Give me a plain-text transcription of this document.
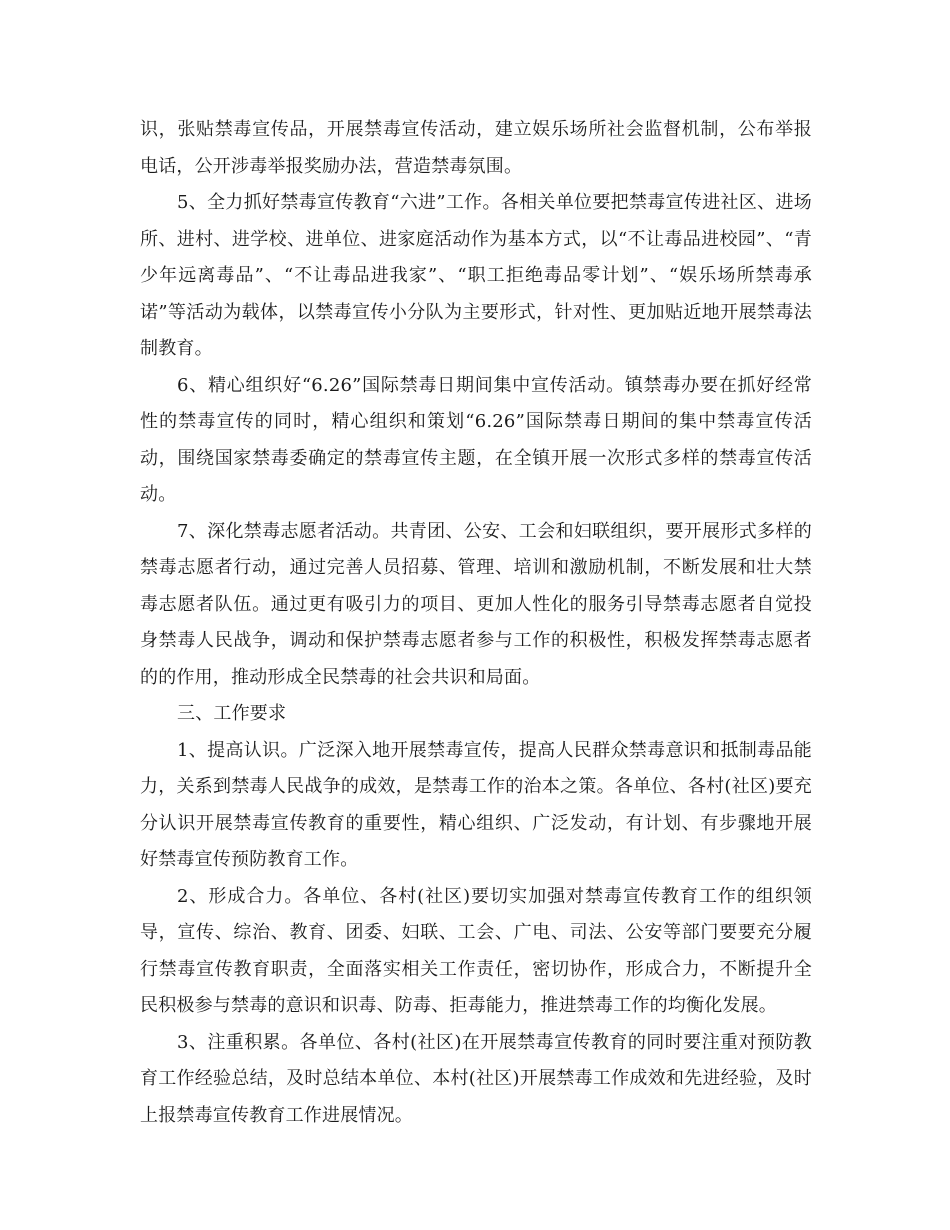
识，张贴禁毒宣传品，开展禁毒宣传活动，建立娱乐场所社会监督机制，公布举报电话，公开涉毒举报奖励办法，营造禁毒氛围。

5、全力抓好禁毒宣传教育“六进”工作。各相关单位要把禁毒宣传进社区、进场所、进村、进学校、进单位、进家庭活动作为基本方式，以“不让毒品进校园”、“青少年远离毒品”、“不让毒品进我家”、“职工拒绝毒品零计划”、“娱乐场所禁毒承诺”等活动为载体，以禁毒宣传小分队为主要形式，针对性、更加贴近地开展禁毒法制教育。

6、精心组织好“6.26”国际禁毒日期间集中宣传活动。镇禁毒办要在抓好经常性的禁毒宣传的同时，精心组织和策划“6.26”国际禁毒日期间的集中禁毒宣传活动，围绕国家禁毒委确定的禁毒宣传主题，在全镇开展一次形式多样的禁毒宣传活动。

7、深化禁毒志愿者活动。共青团、公安、工会和妇联组织，要开展形式多样的禁毒志愿者行动，通过完善人员招募、管理、培训和激励机制，不断发展和壮大禁毒志愿者队伍。通过更有吸引力的项目、更加人性化的服务引导禁毒志愿者自觉投身禁毒人民战争，调动和保护禁毒志愿者参与工作的积极性，积极发挥禁毒志愿者的的作用，推动形成全民禁毒的社会共识和局面。

三、工作要求

1、提高认识。广泛深入地开展禁毒宣传，提高人民群众禁毒意识和抵制毒品能力，关系到禁毒人民战争的成效，是禁毒工作的治本之策。各单位、各村(社区)要充分认识开展禁毒宣传教育的重要性，精心组织、广泛发动，有计划、有步骤地开展好禁毒宣传预防教育工作。

2、形成合力。各单位、各村(社区)要切实加强对禁毒宣传教育工作的组织领导，宣传、综治、教育、团委、妇联、工会、广电、司法、公安等部门要要充分履行禁毒宣传教育职责，全面落实相关工作责任，密切协作，形成合力，不断提升全民积极参与禁毒的意识和识毒、防毒、拒毒能力，推进禁毒工作的均衡化发展。

3、注重积累。各单位、各村(社区)在开展禁毒宣传教育的同时要注重对预防教育工作经验总结，及时总结本单位、本村(社区)开展禁毒工作成效和先进经验，及时上报禁毒宣传教育工作进展情况。
